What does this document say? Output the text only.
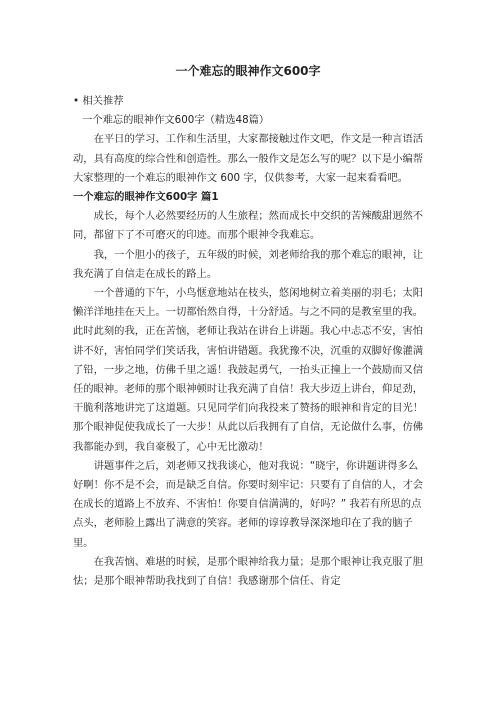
一个难忘的眼神作文600字

• 相关推荐

一个难忘的眼神作文600字（精选48篇）

在平日的学习、工作和生活里，大家都接触过作文吧，作文是一种言语活动，具有高度的综合性和创造性。那么一般作文是怎么写的呢？以下是小编帮大家整理的一个难忘的眼神作文 600 字，仅供参考，大家一起来看看吧。

一个难忘的眼神作文600字 篇1

成长，每个人必然要经历的人生旅程；然而成长中交织的苦辣酸甜迥然不同，都留下了不可磨灭的印迹。而那个眼神令我难忘。

我，一个胆小的孩子，五年级的时候，刘老师给我的那个难忘的眼神，让我充满了自信走在成长的路上。

一个普通的下午，小鸟惬意地站在枝头，悠闲地树立着美丽的羽毛；太阳懒洋洋地挂在天上。一切都怡然自得，十分舒适。与之不同的是教室里的我。此时此刻的我，正在苦恼，老师让我站在讲台上讲题。我心中忐忑不安，害怕讲不好，害怕同学们笑话我，害怕讲错题。我犹豫不决，沉重的双脚好像灌满了铅，一步之地，仿佛千里之遥！我鼓起勇气，一抬头正撞上一个鼓励而又信任的眼神。老师的那个眼神顿时让我充满了自信！我大步迈上讲台，仰足劲，干脆利落地讲完了这道题。只见同学们向我投来了赞扬的眼神和肯定的目光！那个眼神促使我成长了一大步！从此以后我拥有了自信，无论做什么事，仿佛我都能办到，我自豪极了，心中无比激动！

讲题事件之后，刘老师又找我谈心，他对我说：“晓宇，你讲题讲得多么好啊！你不是不会，而是缺乏自信。你要时刻牢记：只要有了自信的人，才会在成长的道路上不放弃、不害怕！你要自信满满的，好吗？” 我若有所思的点点头，老师脸上露出了满意的笑容。老师的谆谆教导深深地印在了我的脑子里。

在我苦恼、难堪的时候，是那个眼神给我力量；是那个眼神让我克服了胆怯；是那个眼神帮助我找到了自信！我感谢那个信任、肯定
